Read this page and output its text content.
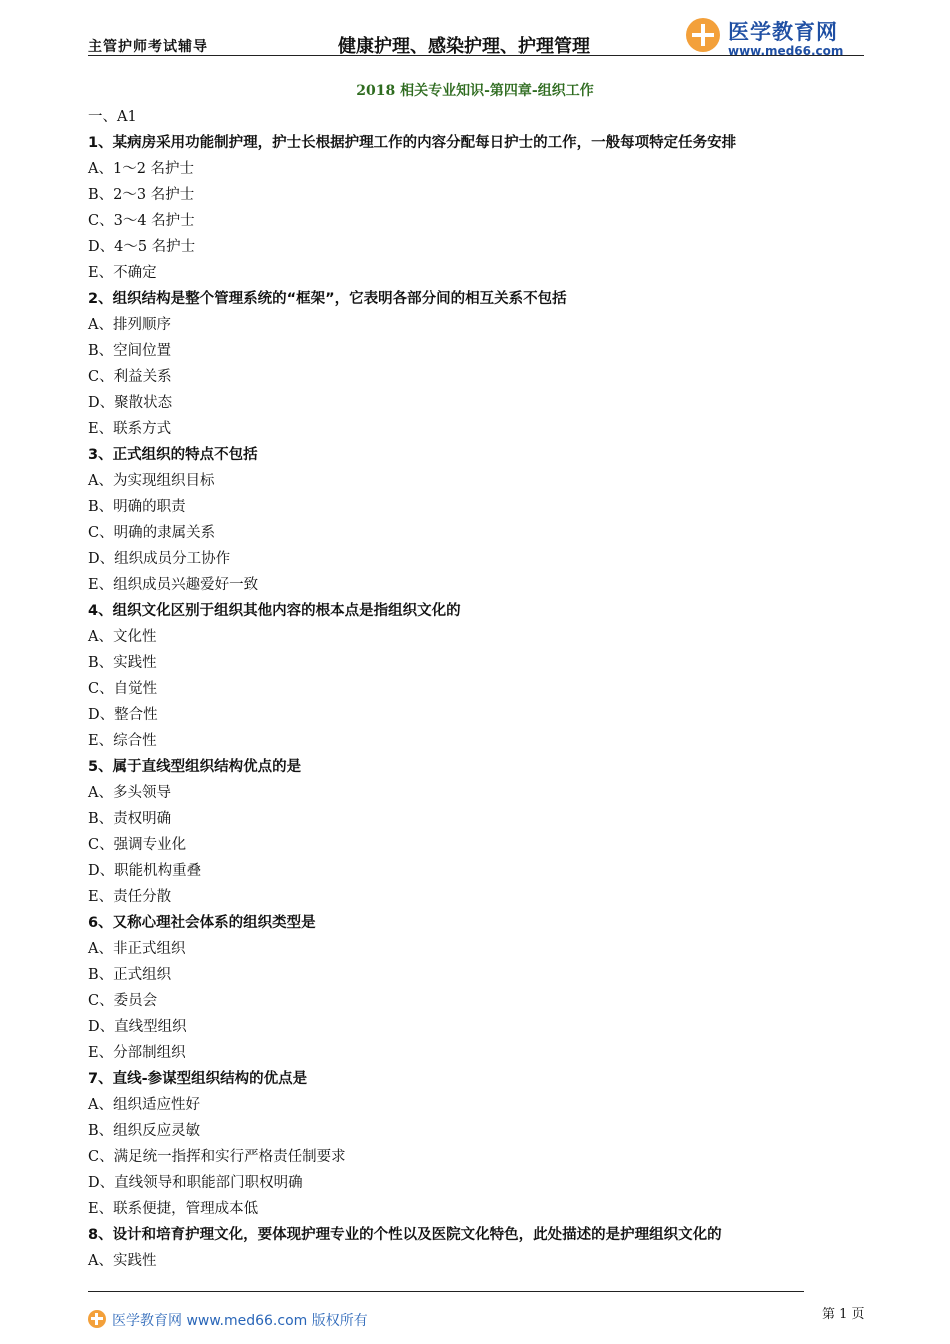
主管护师考试辅导	健康护理、感染护理、护理管理
医学教育网
www.med66.com
2018 相关专业知识-第四章-组织工作
一、A1
1、某病房采用功能制护理，护士长根据护理工作的内容分配每日护士的工作，一般每项特定任务安排
A、1～2 名护士
B、2～3 名护士
C、3～4 名护士
D、4～5 名护士
E、不确定
2、组织结构是整个管理系统的“框架”，它表明各部分间的相互关系不包括
A、排列顺序
B、空间位置
C、利益关系
D、聚散状态
E、联系方式
3、正式组织的特点不包括
A、为实现组织目标
B、明确的职责
C、明确的隶属关系
D、组织成员分工协作
E、组织成员兴趣爱好一致
4、组织文化区别于组织其他内容的根本点是指组织文化的
A、文化性
B、实践性
C、自觉性
D、整合性
E、综合性
5、属于直线型组织结构优点的是
A、多头领导
B、责权明确
C、强调专业化
D、职能机构重叠
E、责任分散
6、又称心理社会体系的组织类型是
A、非正式组织
B、正式组织
C、委员会
D、直线型组织
E、分部制组织
7、直线-参谋型组织结构的优点是
A、组织适应性好
B、组织反应灵敏
C、满足统一指挥和实行严格责任制要求
D、直线领导和职能部门职权明确
E、联系便捷，管理成本低
8、设计和培育护理文化，要体现护理专业的个性以及医院文化特色，此处描述的是护理组织文化的
A、实践性
医学教育网 www.med66.com 版权所有	第 1 页
